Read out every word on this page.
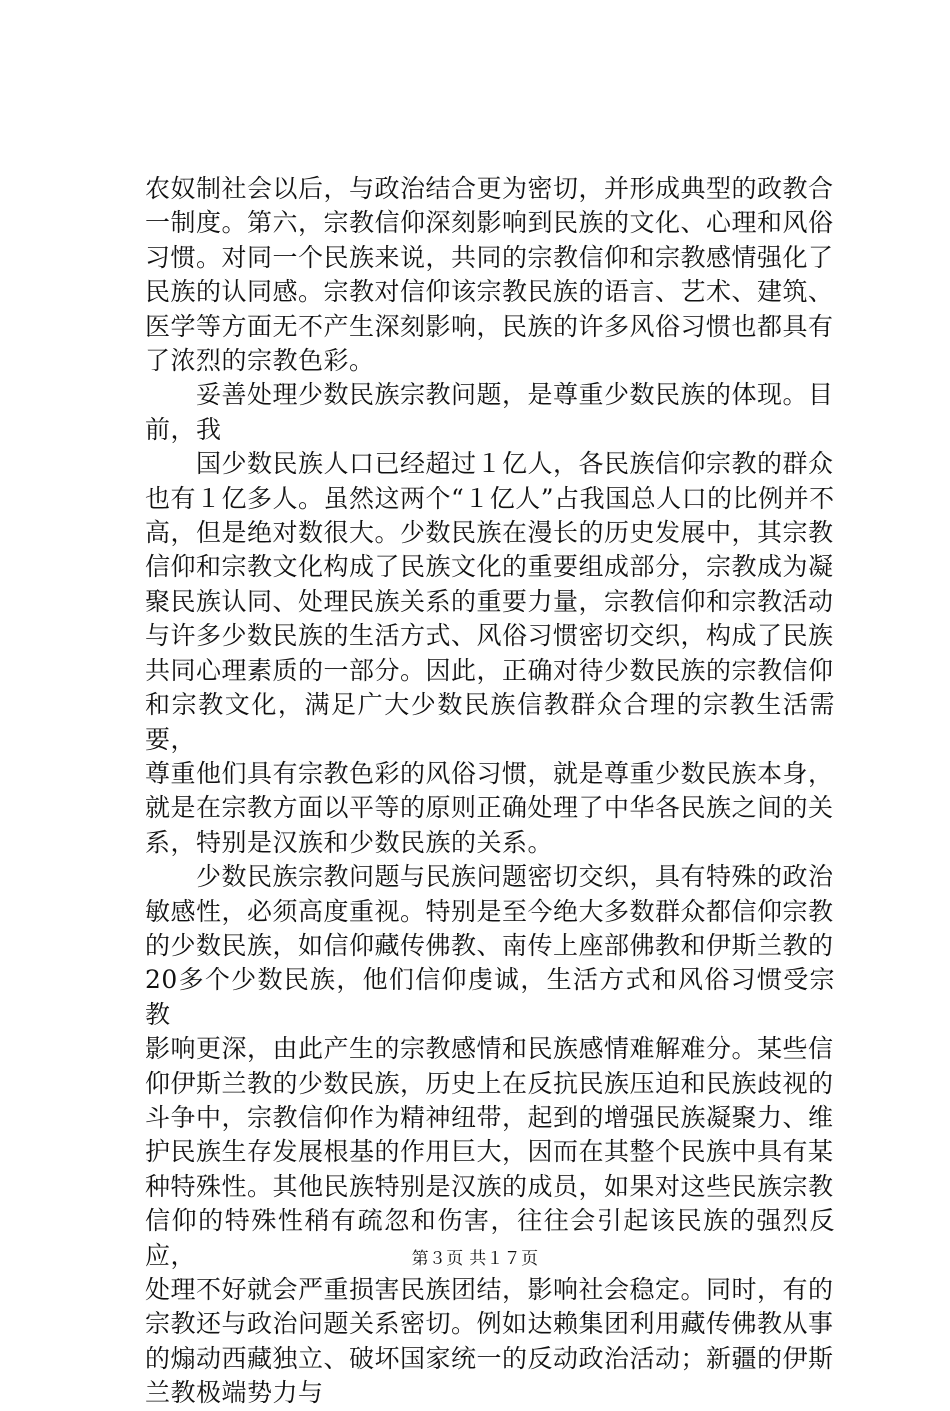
农奴制社会以后，与政治结合更为密切，并形成典型的政教合

一制度。第六，宗教信仰深刻影响到民族的文化、心理和风俗

习惯。对同一个民族来说，共同的宗教信仰和宗教感情强化了

民族的认同感。宗教对信仰该宗教民族的语言、艺术、建筑、

医学等方面无不产生深刻影响，民族的许多风俗习惯也都具有

了浓烈的宗教色彩。

　　妥善处理少数民族宗教问题，是尊重少数民族的体现。目

前，我

　　国少数民族人口已经超过１亿人，各民族信仰宗教的群众

也有１亿多人。虽然这两个“１亿人”占我国总人口的比例并不

高，但是绝对数很大。少数民族在漫长的历史发展中，其宗教

信仰和宗教文化构成了民族文化的重要组成部分，宗教成为凝

聚民族认同、处理民族关系的重要力量，宗教信仰和宗教活动

与许多少数民族的生活方式、风俗习惯密切交织，构成了民族

共同心理素质的一部分。因此，正确对待少数民族的宗教信仰

和宗教文化，满足广大少数民族信教群众合理的宗教生活需要，

尊重他们具有宗教色彩的风俗习惯，就是尊重少数民族本身，

就是在宗教方面以平等的原则正确处理了中华各民族之间的关

系，特别是汉族和少数民族的关系。

　　少数民族宗教问题与民族问题密切交织，具有特殊的政治

敏感性，必须高度重视。特别是至今绝大多数群众都信仰宗教

的少数民族，如信仰藏传佛教、南传上座部佛教和伊斯兰教的

20多个少数民族，他们信仰虔诚，生活方式和风俗习惯受宗教

影响更深，由此产生的宗教感情和民族感情难解难分。某些信

仰伊斯兰教的少数民族，历史上在反抗民族压迫和民族歧视的

斗争中，宗教信仰作为精神纽带，起到的增强民族凝聚力、维

护民族生存发展根基的作用巨大，因而在其整个民族中具有某

种特殊性。其他民族特别是汉族的成员，如果对这些民族宗教

信仰的特殊性稍有疏忽和伤害，往往会引起该民族的强烈反应，

处理不好就会严重损害民族团结，影响社会稳定。同时，有的

宗教还与政治问题关系密切。例如达赖集团利用藏传佛教从事

的煽动西藏独立、破坏国家统一的反动政治活动；新疆的伊斯

兰教极端势力与

第３页 共１７页
